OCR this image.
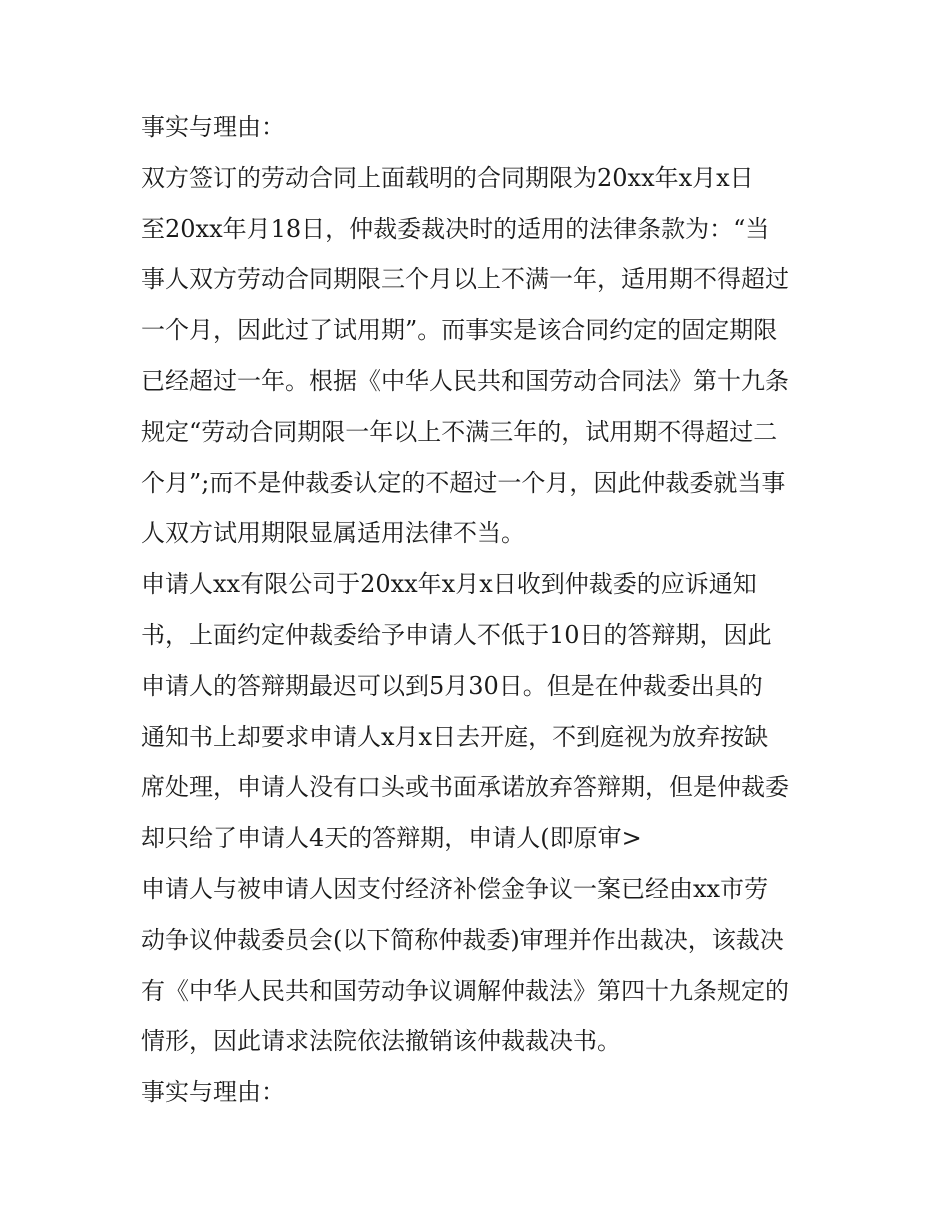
事实与理由：

双方签订的劳动合同上面载明的合同期限为20xx年x月x日

至20xx年月18日，仲裁委裁决时的适用的法律条款为：“当

事人双方劳动合同期限三个月以上不满一年，适用期不得超过

一个月，因此过了试用期”。而事实是该合同约定的固定期限

已经超过一年。根据《中华人民共和国劳动合同法》第十九条

规定“劳动合同期限一年以上不满三年的，试用期不得超过二

个月”;而不是仲裁委认定的不超过一个月，因此仲裁委就当事

人双方试用期限显属适用法律不当。

申请人xx有限公司于20xx年x月x日收到仲裁委的应诉通知

书，上面约定仲裁委给予申请人不低于10日的答辩期，因此

申请人的答辩期最迟可以到5月30日。但是在仲裁委出具的

通知书上却要求申请人x月x日去开庭，不到庭视为放弃按缺

席处理，申请人没有口头或书面承诺放弃答辩期，但是仲裁委

却只给了申请人4天的答辩期，申请人(即原审>

申请人与被申请人因支付经济补偿金争议一案已经由xx市劳

动争议仲裁委员会(以下简称仲裁委)审理并作出裁决，该裁决

有《中华人民共和国劳动争议调解仲裁法》第四十九条规定的

情形，因此请求法院依法撤销该仲裁裁决书。

事实与理由：
